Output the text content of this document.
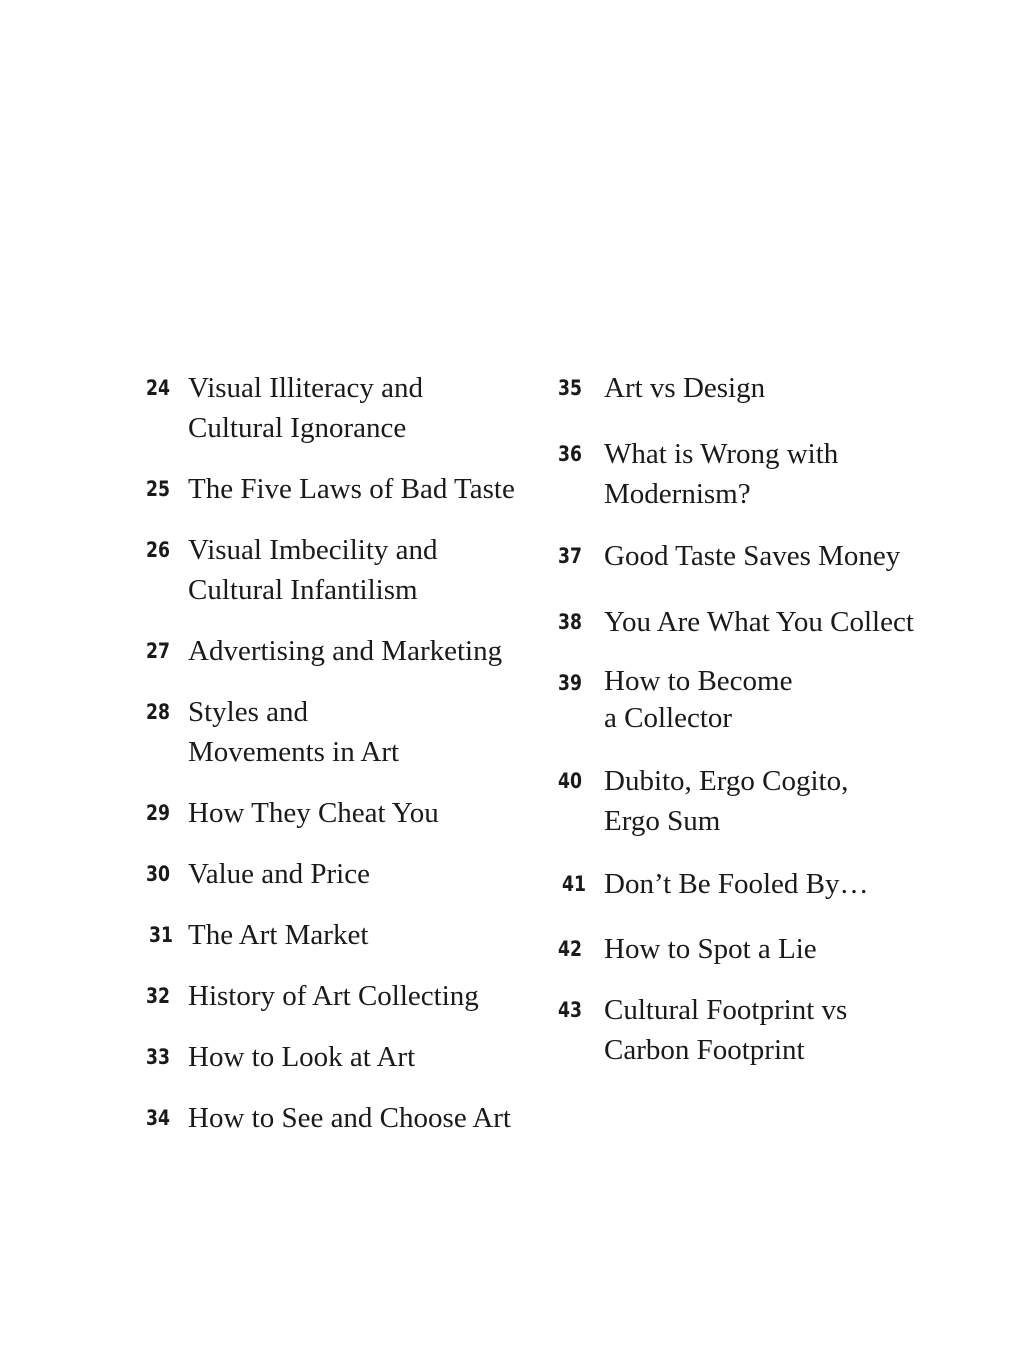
24 Visual Illiteracy and
Cultural Ignorance
25 The Five Laws of Bad Taste
26 Visual Imbecility and
Cultural Infantilism
27 Advertising and Marketing
28 Styles and
Movements in Art
29 How They Cheat You
30 Value and Price
31 The Art Market
32 History of Art Collecting
33 How to Look at Art
34 How to See and Choose Art
35 Art vs Design
36 What is Wrong with
Modernism?
37 Good Taste Saves Money
38 You Are What You Collect
39 How to Become
a Collector
40 Dubito, Ergo Cogito,
Ergo Sum
41 Don’t Be Fooled By…
42 How to Spot a Lie
43 Cultural Footprint vs
Carbon Footprint
